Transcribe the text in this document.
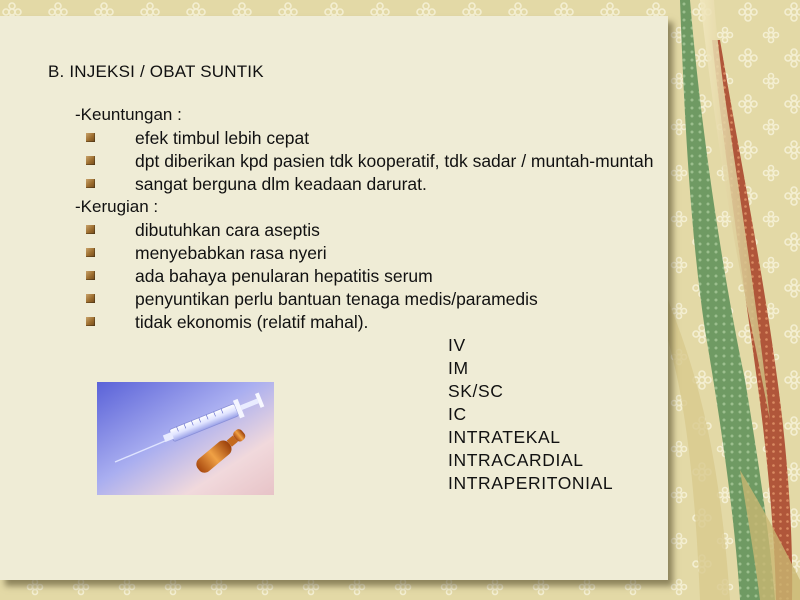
B. INJEKSI / OBAT SUNTIK
-Keuntungan :
efek timbul lebih cepat
dpt diberikan kpd pasien tdk kooperatif, tdk sadar / muntah-muntah
sangat berguna dlm keadaan darurat.
-Kerugian :
dibutuhkan cara aseptis
menyebabkan rasa nyeri
ada bahaya penularan hepatitis serum
penyuntikan perlu bantuan tenaga medis/paramedis
tidak ekonomis (relatif mahal).
IV
IM
SK/SC
IC
INTRATEKAL
INTRACARDIAL
INTRAPERITONIAL
